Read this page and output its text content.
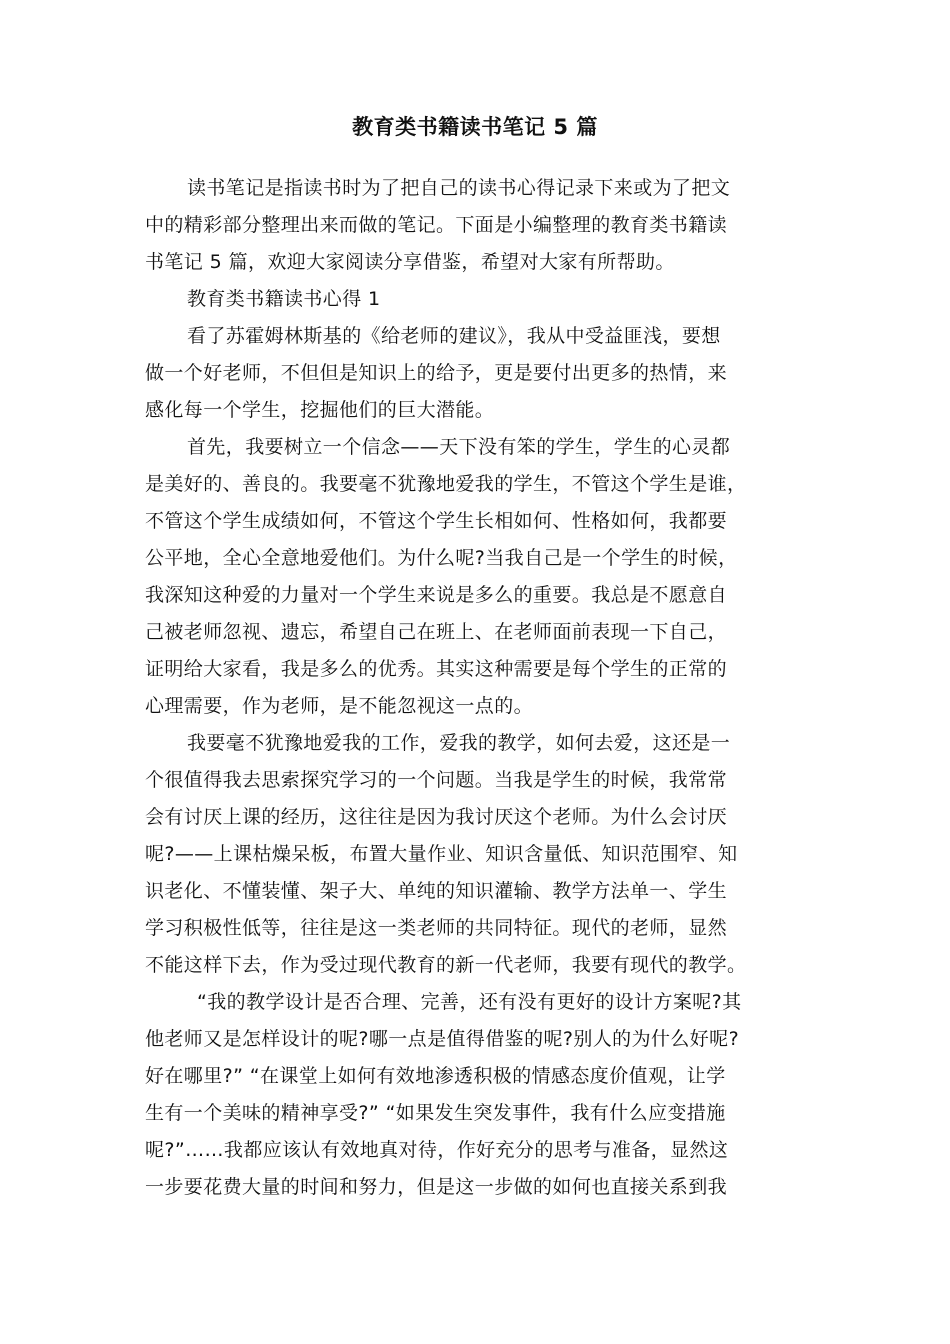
教育类书籍读书笔记 5 篇
读书笔记是指读书时为了把自己的读书心得记录下来或为了把文
中的精彩部分整理出来而做的笔记。下面是小编整理的教育类书籍读
书笔记 5 篇，欢迎大家阅读分享借鉴，希望对大家有所帮助。
教育类书籍读书心得 1
看了苏霍姆林斯基的《给老师的建议》，我从中受益匪浅，要想
做一个好老师，不但但是知识上的给予，更是要付出更多的热情，来
感化每一个学生，挖掘他们的巨大潜能。
首先，我要树立一个信念——天下没有笨的学生，学生的心灵都
是美好的、善良的。我要毫不犹豫地爱我的学生，不管这个学生是谁，
不管这个学生成绩如何，不管这个学生长相如何、性格如何，我都要
公平地，全心全意地爱他们。为什么呢?当我自己是一个学生的时候，
我深知这种爱的力量对一个学生来说是多么的重要。我总是不愿意自
己被老师忽视、遗忘，希望自己在班上、在老师面前表现一下自己，
证明给大家看，我是多么的优秀。其实这种需要是每个学生的正常的
心理需要，作为老师，是不能忽视这一点的。
我要毫不犹豫地爱我的工作，爱我的教学，如何去爱，这还是一
个很值得我去思索探究学习的一个问题。当我是学生的时候，我常常
会有讨厌上课的经历，这往往是因为我讨厌这个老师。为什么会讨厌
呢?——上课枯燥呆板，布置大量作业、知识含量低、知识范围窄、知
识老化、不懂装懂、架子大、单纯的知识灌输、教学方法单一、学生
学习积极性低等，往往是这一类老师的共同特征。现代的老师，显然
不能这样下去，作为受过现代教育的新一代老师，我要有现代的教学。
“我的教学设计是否合理、完善，还有没有更好的设计方案呢?其
他老师又是怎样设计的呢?哪一点是值得借鉴的呢?别人的为什么好呢?
好在哪里?” “在课堂上如何有效地渗透积极的情感态度价值观，让学
生有一个美味的精神享受?” “如果发生突发事件，我有什么应变措施
呢?”……我都应该认有效地真对待，作好充分的思考与准备，显然这
一步要花费大量的时间和努力，但是这一步做的如何也直接关系到我
